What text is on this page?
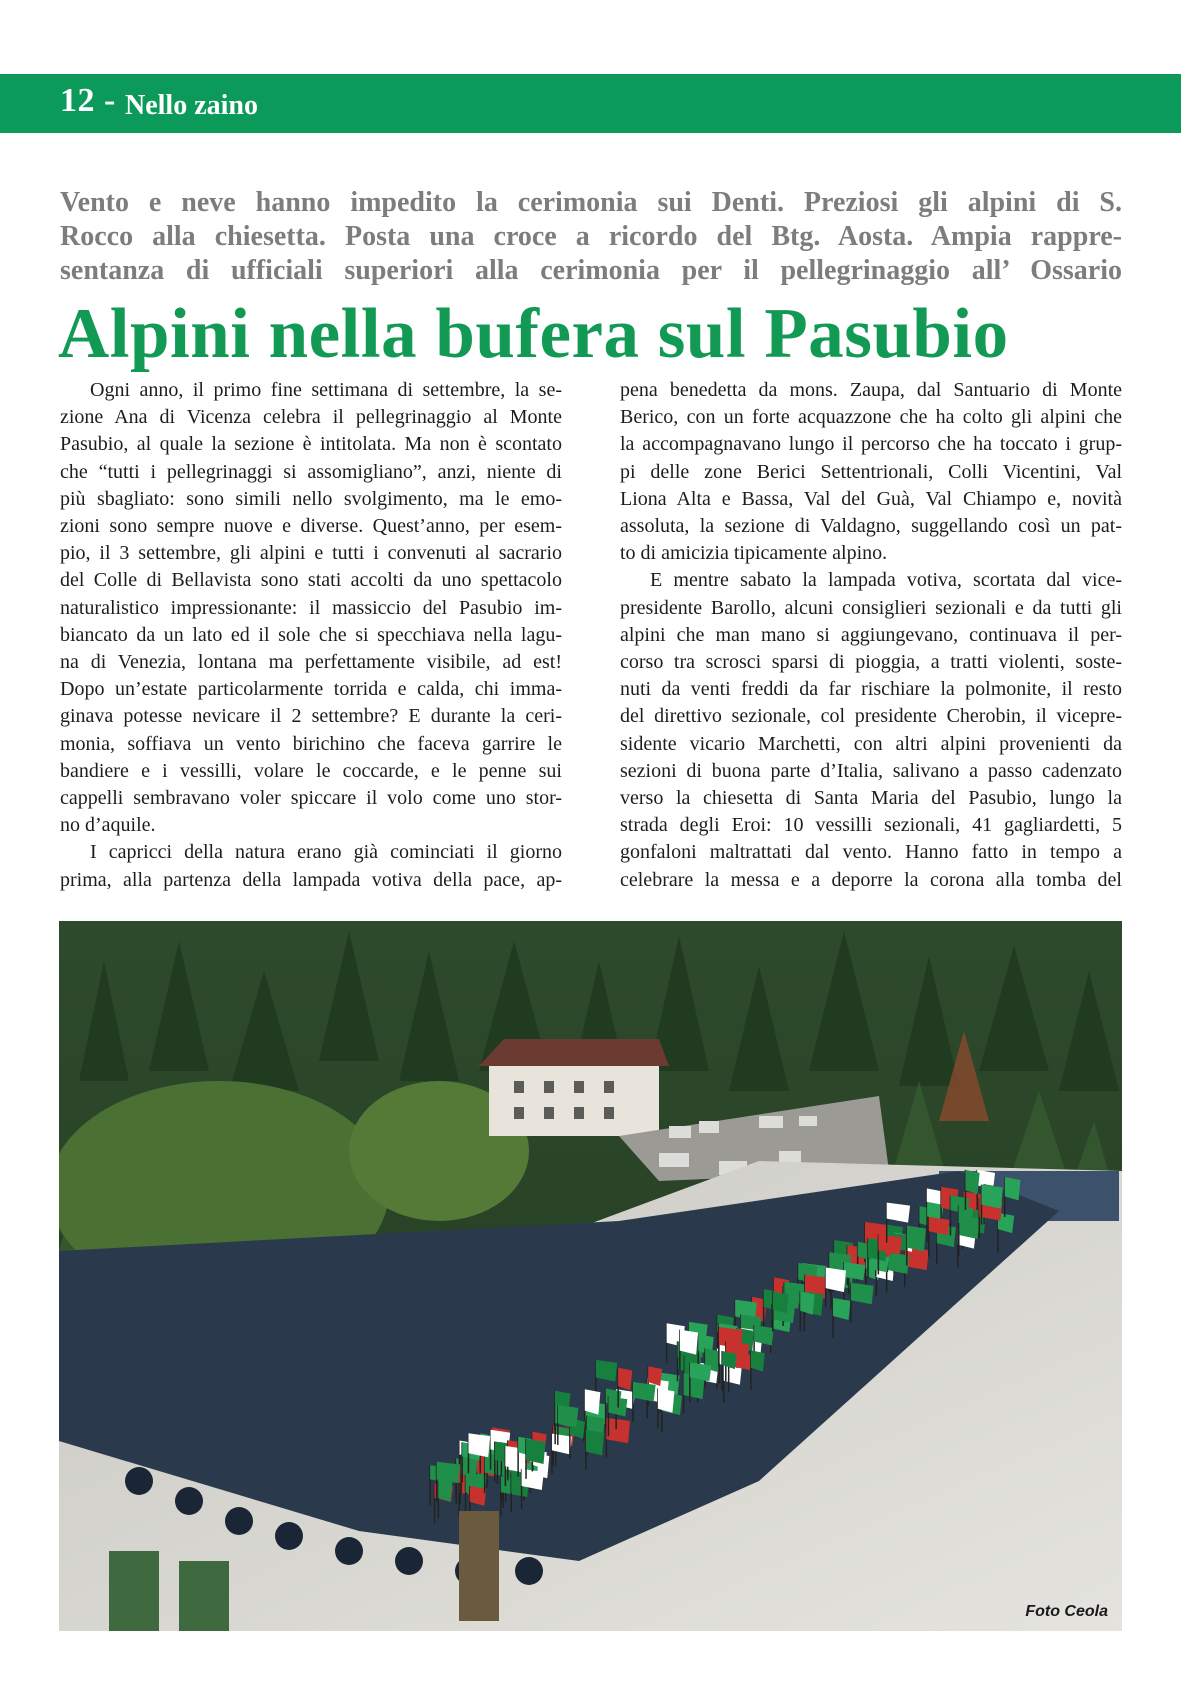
12 - Nello zaino
Vento e neve hanno impedito la cerimonia sui Denti. Preziosi gli alpini di S.
Rocco alla chiesetta. Posta una croce a ricordo del Btg. Aosta. Ampia rappre-
sentanza di ufficiali superiori alla cerimonia per il pellegrinaggio all’ Ossario
Alpini nella bufera sul Pasubio
Ogni anno, il primo fine settimana di settembre, la se-
zione Ana di Vicenza celebra il pellegrinaggio al Monte
Pasubio, al quale la sezione è intitolata. Ma non è scontato
che “tutti i pellegrinaggi si assomigliano”, anzi, niente di
più sbagliato: sono simili nello svolgimento, ma le emo-
zioni sono sempre nuove e diverse. Quest’anno, per esem-
pio, il 3 settembre, gli alpini e tutti i convenuti al sacrario
del Colle di Bellavista sono stati accolti da uno spettacolo
naturalistico impressionante: il massiccio del Pasubio im-
biancato da un lato ed il sole che si specchiava nella lagu-
na di Venezia, lontana ma perfettamente visibile, ad est!
Dopo un’estate particolarmente torrida e calda, chi imma-
ginava potesse nevicare il 2 settembre? E durante la ceri-
monia, soffiava un vento birichino che faceva garrire le
bandiere e i vessilli, volare le coccarde, e le penne sui
cappelli sembravano voler spiccare il volo come uno stor-
no d’aquile.
I capricci della natura erano già cominciati il giorno
prima, alla partenza della lampada votiva della pace, ap-
pena benedetta da mons. Zaupa, dal Santuario di Monte
Berico, con un forte acquazzone che ha colto gli alpini che
la accompagnavano lungo il percorso che ha toccato i grup-
pi delle zone Berici Settentrionali, Colli Vicentini, Val
Liona Alta e Bassa, Val del Guà, Val Chiampo e, novità
assoluta, la sezione di Valdagno, suggellando così un pat-
to di amicizia tipicamente alpino.
E mentre sabato la lampada votiva, scortata dal vice-
presidente Barollo, alcuni consiglieri sezionali e da tutti gli
alpini che man mano si aggiungevano, continuava il per-
corso tra scrosci sparsi di pioggia, a tratti violenti, soste-
nuti da venti freddi da far rischiare la polmonite, il resto
del direttivo sezionale, col presidente Cherobin, il vicepre-
sidente vicario Marchetti, con altri alpini provenienti da
sezioni di buona parte d’Italia, salivano a passo cadenzato
verso la chiesetta di Santa Maria del Pasubio, lungo la
strada degli Eroi: 10 vessilli sezionali, 41 gagliardetti, 5
gonfaloni maltrattati dal vento. Hanno fatto in tempo a
celebrare la messa e a deporre la corona alla tomba del
Foto Ceola
